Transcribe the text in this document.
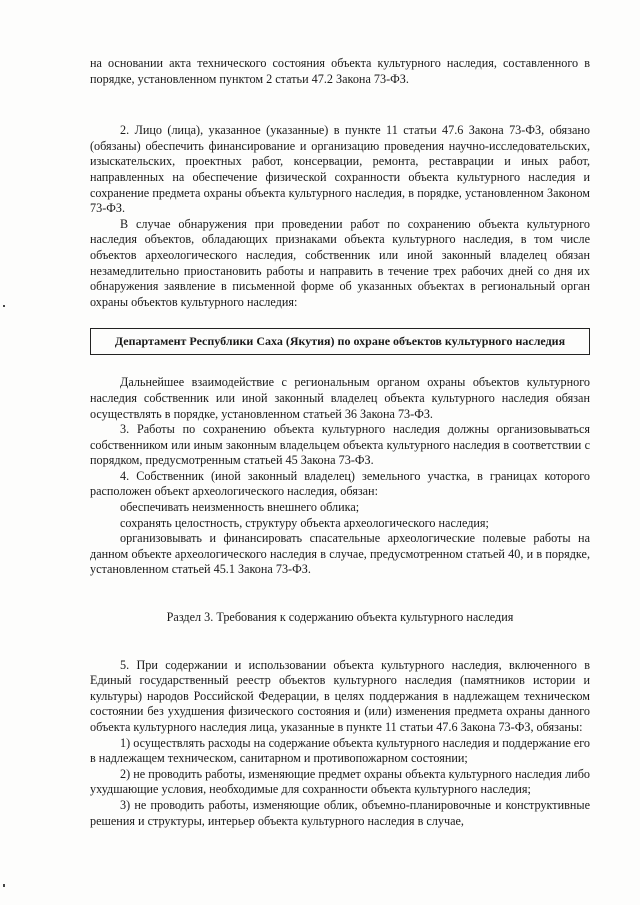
на основании акта технического состояния объекта культурного наследия, составленного в порядке, установленном пунктом 2 статьи 47.2 Закона 73-ФЗ.

2. Лицо (лица), указанное (указанные) в пункте 11 статьи 47.6 Закона 73-ФЗ, обязано (обязаны) обеспечить финансирование и организацию проведения научно-исследовательских, изыскательских, проектных работ, консервации, ремонта, реставрации и иных работ, направленных на обеспечение физической сохранности объекта культурного наследия и сохранение предмета охраны объекта культурного наследия, в порядке, установленном Законом 73-ФЗ.

В случае обнаружения при проведении работ по сохранению объекта культурного наследия объектов, обладающих признаками объекта культурного наследия, в том числе объектов археологического наследия, собственник или иной законный владелец обязан незамедлительно приостановить работы и направить в течение трех рабочих дней со дня их обнаружения заявление в письменной форме об указанных объектах в региональный орган охраны объектов культурного наследия:

Департамент Республики Саха (Якутия) по охране объектов культурного наследия

Дальнейшее взаимодействие с региональным органом охраны объектов культурного наследия собственник или иной законный владелец объекта культурного наследия обязан осуществлять в порядке, установленном статьей 36 Закона 73-ФЗ.

3. Работы по сохранению объекта культурного наследия должны организовываться собственником или иным законным владельцем объекта культурного наследия в соответствии с порядком, предусмотренным статьей 45 Закона 73-ФЗ.

4. Собственник (иной законный владелец) земельного участка, в границах которого расположен объект археологического наследия, обязан:

обеспечивать неизменность внешнего облика;

сохранять целостность, структуру объекта археологического наследия;

организовывать и финансировать спасательные археологические полевые работы на данном объекте археологического наследия в случае, предусмотренном статьей 40, и в порядке, установленном статьей 45.1 Закона 73-ФЗ.

Раздел 3. Требования к содержанию объекта культурного наследия

5. При содержании и использовании объекта культурного наследия, включенного в Единый государственный реестр объектов культурного наследия (памятников истории и культуры) народов Российской Федерации, в целях поддержания в надлежащем техническом состоянии без ухудшения физического состояния и (или) изменения предмета охраны данного объекта культурного наследия лица, указанные в пункте 11 статьи 47.6 Закона 73-ФЗ, обязаны:

1) осуществлять расходы на содержание объекта культурного наследия и поддержание его в надлежащем техническом, санитарном и противопожарном состоянии;

2) не проводить работы, изменяющие предмет охраны объекта культурного наследия либо ухудшающие условия, необходимые для сохранности объекта культурного наследия;

3) не проводить работы, изменяющие облик, объемно-планировочные и конструктивные решения и структуры, интерьер объекта культурного наследия в случае,
